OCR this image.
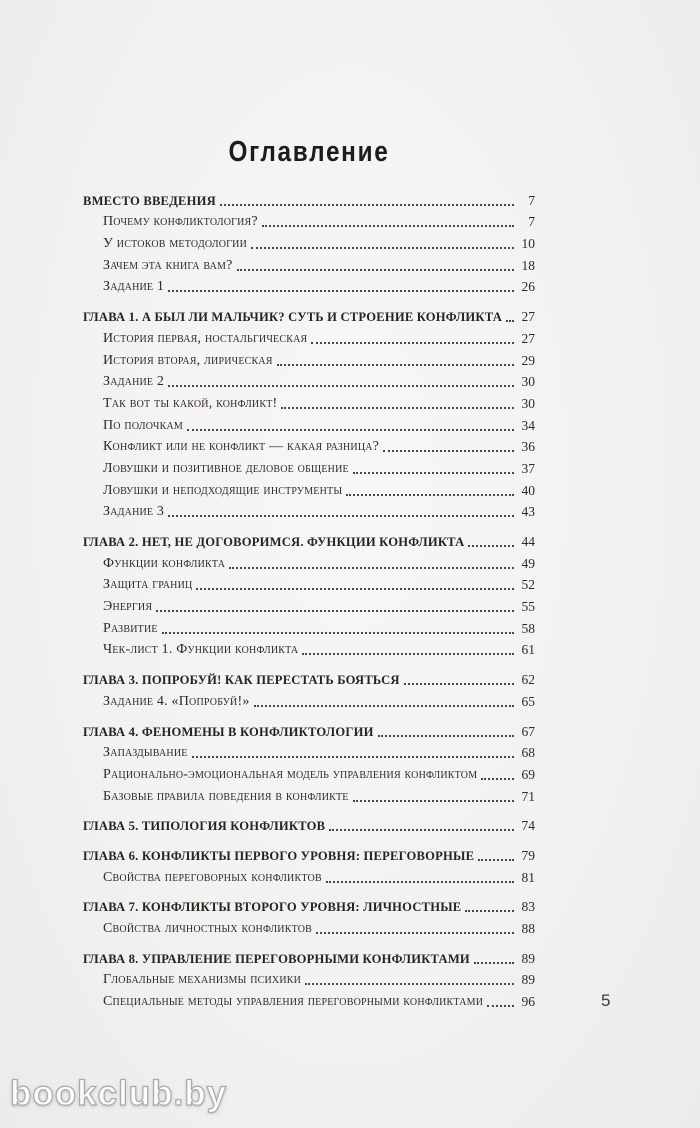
Оглавление
ВМЕСТО ВВЕДЕНИЯ	7
Почему конфликтология?	7
У истоков методологии	10
Зачем эта книга вам?	18
Задание 1	26
ГЛАВА 1. А БЫЛ ЛИ МАЛЬЧИК? СУТЬ И СТРОЕНИЕ КОНФЛИКТА	27
История первая, ностальгическая	27
История вторая, лирическая	29
Задание 2	30
Так вот ты какой, конфликт!	30
По полочкам	34
Конфликт или не конфликт — какая разница?	36
Ловушки и позитивное деловое общение	37
Ловушки и неподходящие инструменты	40
Задание 3	43
ГЛАВА 2. НЕТ, НЕ ДОГОВОРИМСЯ. ФУНКЦИИ КОНФЛИКТА	44
Функции конфликта	49
Защита границ	52
Энергия	55
Развитие	58
Чек-лист 1. Функции конфликта	61
ГЛАВА 3. ПОПРОБУЙ! КАК ПЕРЕСТАТЬ БОЯТЬСЯ	62
Задание 4. «Попробуй!»	65
ГЛАВА 4. ФЕНОМЕНЫ В КОНФЛИКТОЛОГИИ	67
Запаздывание	68
Рационально-эмоциональная модель управления конфликтом	69
Базовые правила поведения в конфликте	71
ГЛАВА 5. ТИПОЛОГИЯ КОНФЛИКТОВ	74
ГЛАВА 6. КОНФЛИКТЫ ПЕРВОГО УРОВНЯ: ПЕРЕГОВОРНЫЕ	79
Свойства переговорных конфликтов	81
ГЛАВА 7. КОНФЛИКТЫ ВТОРОГО УРОВНЯ: ЛИЧНОСТНЫЕ	83
Свойства личностных конфликтов	88
ГЛАВА 8. УПРАВЛЕНИЕ ПЕРЕГОВОРНЫМИ КОНФЛИКТАМИ	89
Глобальные механизмы психики	89
Специальные методы управления переговорными конфликтами	96	5
bookclub.by
